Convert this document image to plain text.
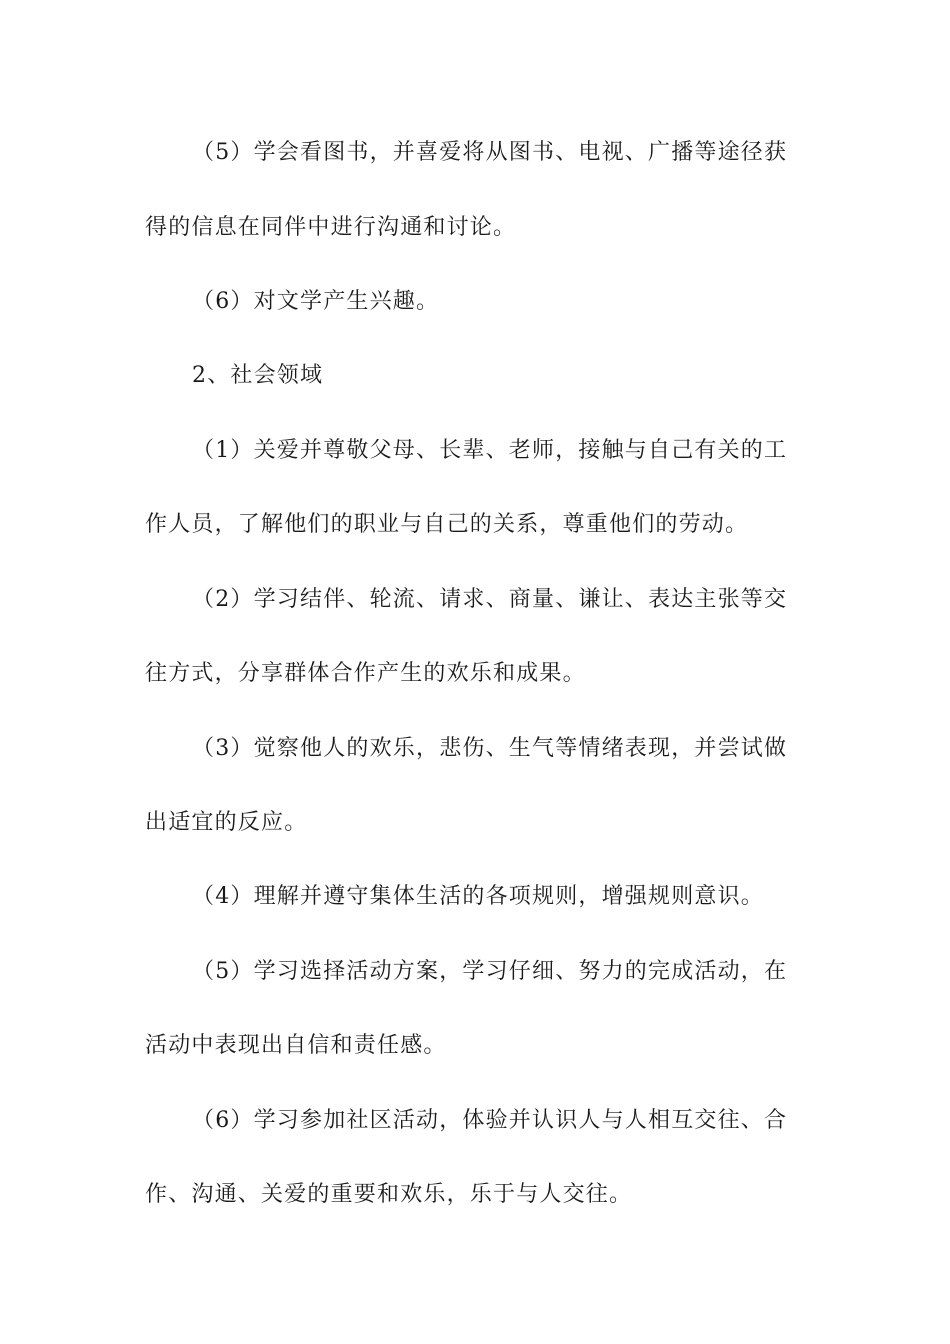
（5）学会看图书，并喜爱将从图书、电视、广播等途径获
得的信息在同伴中进行沟通和讨论。
（6）对文学产生兴趣。
2、社会领域
（1）关爱并尊敬父母、长辈、老师，接触与自己有关的工
作人员，了解他们的职业与自己的关系，尊重他们的劳动。
（2）学习结伴、轮流、请求、商量、谦让、表达主张等交
往方式，分享群体合作产生的欢乐和成果。
（3）觉察他人的欢乐，悲伤、生气等情绪表现，并尝试做
出适宜的反应。
（4）理解并遵守集体生活的各项规则，增强规则意识。
（5）学习选择活动方案，学习仔细、努力的完成活动，在
活动中表现出自信和责任感。
（6）学习参加社区活动，体验并认识人与人相互交往、合
作、沟通、关爱的重要和欢乐，乐于与人交往。
